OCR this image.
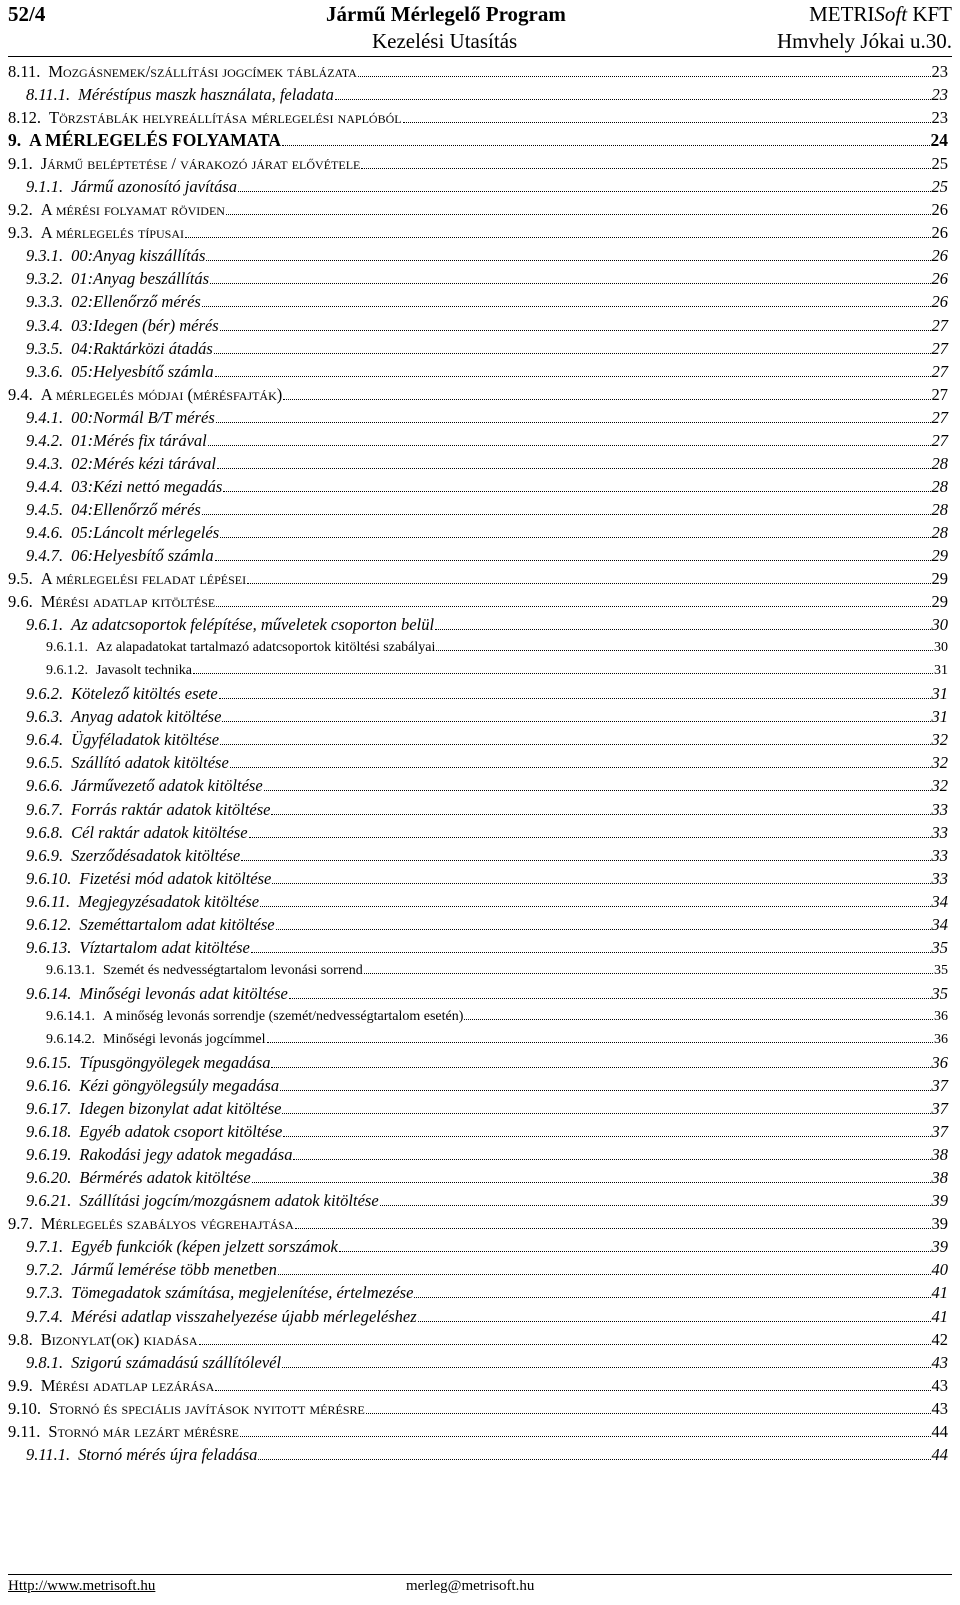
52/4	Jármű Mérlegelő Program
Kezelési Utasítás
METRISoft KFT
Hmvhely Jókai u.30.
8.11. Mozgásnemek/szállítási jogcímek táblázata	23
8.11.1. Méréstípus maszk használata, feladata	23
8.12. Törzstáblák helyreállítása mérlegelési naplóból	23
9. A MÉRLEGELÉS FOLYAMATA	24
9.1. Jármű beléptetése / várakozó járat elővétele	25
9.1.1. Jármű azonosító javítása	25
9.2. A mérési folyamat röviden	26
9.3. A mérlegelés típusai	26
9.3.1. 00:Anyag kiszállítás	26
9.3.2. 01:Anyag beszállítás	26
9.3.3. 02:Ellenőrző mérés	26
9.3.4. 03:Idegen (bér) mérés	27
9.3.5. 04:Raktárközi átadás	27
9.3.6. 05:Helyesbítő számla	27
9.4. A mérlegelés módjai (mérésfajták)	27
9.4.1. 00:Normál B/T mérés	27
9.4.2. 01:Mérés fix tárával	27
9.4.3. 02:Mérés kézi tárával	28
9.4.4. 03:Kézi nettó megadás	28
9.4.5. 04:Ellenőrző mérés	28
9.4.6. 05:Láncolt mérlegelés	28
9.4.7. 06:Helyesbítő számla	29
9.5. A mérlegelési feladat lépései	29
9.6. Mérési adatlap kitöltése	29
9.6.1. Az adatcsoportok felépítése, műveletek csoporton belül	30
9.6.1.1. Az alapadatokat tartalmazó adatcsoportok kitöltési szabályai	30
9.6.1.2. Javasolt technika	31
9.6.2. Kötelező kitöltés esete	31
9.6.3. Anyag adatok kitöltése	31
9.6.4. Ügyféladatok kitöltése	32
9.6.5. Szállító adatok kitöltése	32
9.6.6. Járművezető adatok kitöltése	32
9.6.7. Forrás raktár adatok kitöltése	33
9.6.8. Cél raktár adatok kitöltése	33
9.6.9. Szerződésadatok kitöltése	33
9.6.10. Fizetési mód adatok kitöltése	33
9.6.11. Megjegyzésadatok kitöltése	34
9.6.12. Szeméttartalom adat kitöltése	34
9.6.13. Víztartalom adat kitöltése	35
9.6.13.1. Szemét és nedvességtartalom levonási sorrend	35
9.6.14. Minőségi levonás adat kitöltése	35
9.6.14.1. A minőség levonás sorrendje (szemét/nedvességtartalom esetén)	36
9.6.14.2. Minőségi levonás jogcímmel	36
9.6.15. Típusgöngyölegek megadása	36
9.6.16. Kézi göngyölegsúly megadása	37
9.6.17. Idegen bizonylat adat kitöltése	37
9.6.18. Egyéb adatok csoport kitöltése	37
9.6.19. Rakodási jegy adatok megadása	38
9.6.20. Bérmérés adatok kitöltése	38
9.6.21. Szállítási jogcím/mozgásnem adatok kitöltése	39
9.7. Mérlegelés szabályos végrehajtása	39
9.7.1. Egyéb funkciók (képen jelzett sorszámok	39
9.7.2. Jármű lemérése több menetben	40
9.7.3. Tömegadatok számítása, megjelenítése, értelmezése	41
9.7.4. Mérési adatlap visszahelyezése újabb mérlegeléshez	41
9.8. Bizonylat(ok) kiadása	42
9.8.1. Szigorú számadású szállítólevél	43
9.9. Mérési adatlap lezárása	43
9.10. Stornó és speciális javítások nyitott mérésre	43
9.11. Stornó már lezárt mérésre	44
9.11.1. Stornó mérés újra feladása	44
Http://www.metrisoft.hu	merleg@metrisoft.hu
